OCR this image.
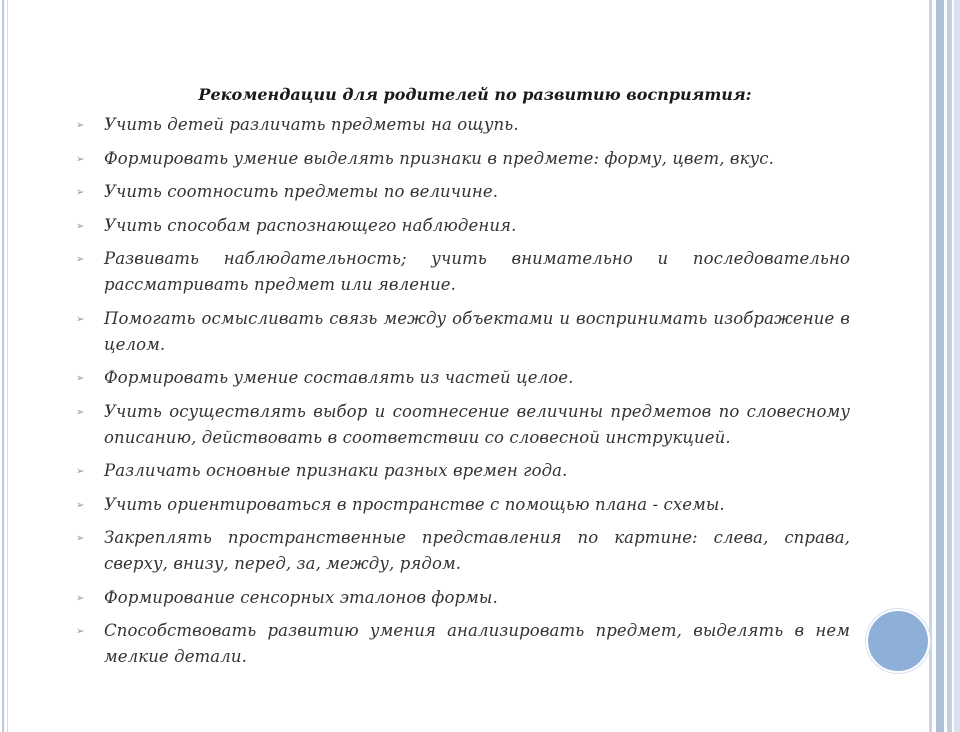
Рекомендации для родителей по развитию восприятия:
➢ Учить детей различать предметы на ощупь.
➢ Формировать умение выделять признаки в предмете: форму, цвет, вкус.
➢ Учить соотносить предметы по величине.
➢ Учить способам распознающего наблюдения.
➢ Развивать наблюдательность; учить внимательно и последовательно рассматривать предмет или явление.
➢ Помогать осмысливать связь между объектами и воспринимать изображение в целом.
➢ Формировать умение составлять из частей целое.
➢ Учить осуществлять выбор и соотнесение величины предметов по словесному описанию, действовать в соответствии со словесной инструкцией.
➢ Различать основные признаки разных времен года.
➢ Учить ориентироваться в пространстве с помощью плана - схемы.
➢ Закреплять пространственные представления по картине: слева, справа, сверху, внизу, перед, за, между, рядом.
➢ Формирование сенсорных эталонов формы.
➢ Способствовать развитию умения анализировать предмет, выделять в нем мелкие детали.
